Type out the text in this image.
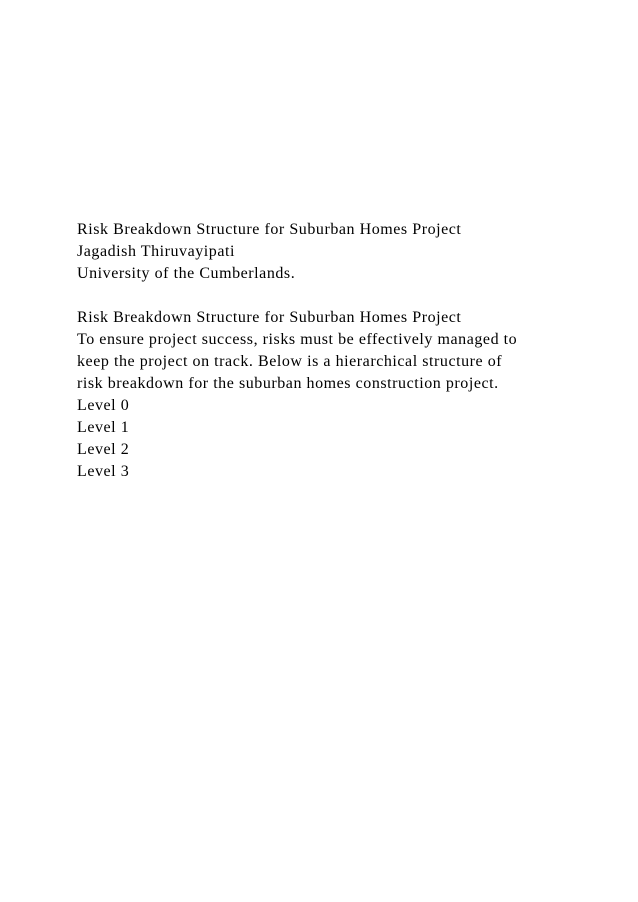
Risk Breakdown Structure for Suburban Homes Project
Jagadish Thiruvayipati
University of the Cumberlands.
Risk Breakdown Structure for Suburban Homes Project
To ensure project success, risks must be effectively managed to
keep the project on track. Below is a hierarchical structure of
risk breakdown for the suburban homes construction project.
Level 0
Level 1
Level 2
Level 3
